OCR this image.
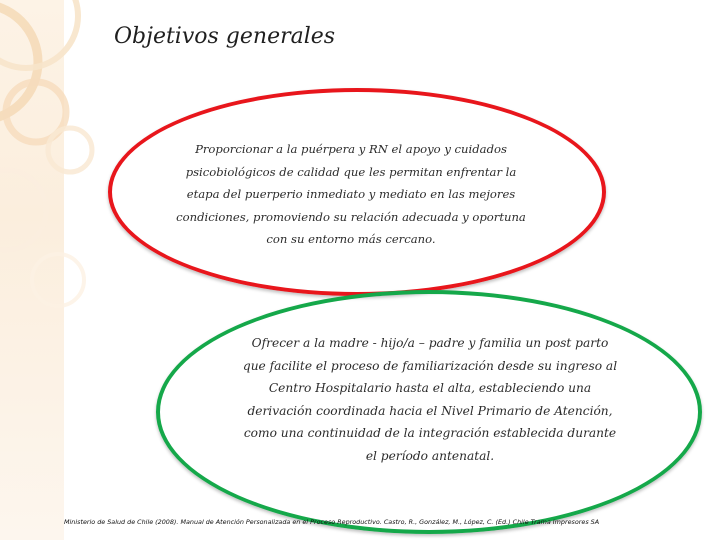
Objetivos generales

Proporcionar a la puérpera y RN el apoyo y cuidados psicobiológicos de calidad que les permitan enfrentar la etapa del puerperio inmediato y mediato en las mejores condiciones, promoviendo su relación adecuada y oportuna con su entorno más cercano.

Ofrecer a la madre - hijo/a – padre y familia un post parto que facilite el proceso de familiarización desde su ingreso al Centro Hospitalario hasta el alta, estableciendo una derivación coordinada hacia el Nivel Primario de Atención, como una continuidad de la integración establecida durante el período antenatal.

Ministerio de Salud de Chile (2008). Manual de Atención Personalizada en el Proceso Reproductivo. Castro, R., González, M., López, C. (Ed.) Chile Trama Impresores SA
